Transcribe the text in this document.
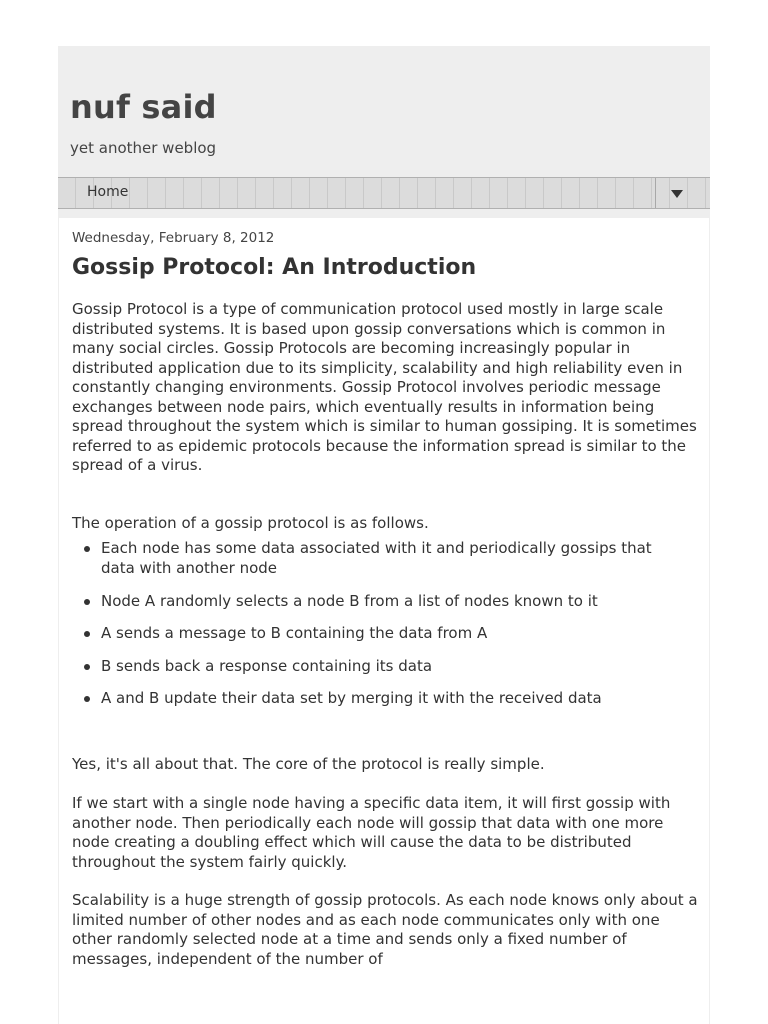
nuf said

yet another weblog

Home

Wednesday, February 8, 2012

Gossip Protocol: An Introduction

Gossip Protocol is a type of communication protocol used mostly in large scale distributed systems. It is based upon gossip conversations which is common in many social circles. Gossip Protocols are becoming increasingly popular in distributed application due to its simplicity, scalability and high reliability even in constantly changing environments. Gossip Protocol involves periodic message exchanges between node pairs, which eventually results in information being spread throughout the system which is similar to human gossiping. It is sometimes referred to as epidemic protocols because the information spread is similar to the spread of a virus.

The operation of a gossip protocol is as follows.

Each node has some data associated with it and periodically gossips that data with another node
Node A randomly selects a node B from a list of nodes known to it
A sends a message to B containing the data from A
B sends back a response containing its data
A and B update their data set by merging it with the received data

Yes, it's all about that. The core of the protocol is really simple.

If we start with a single node having a specific data item, it will first gossip with another node. Then periodically each node will gossip that data with one more node creating a doubling effect which will cause the data to be distributed throughout the system fairly quickly.

Scalability is a huge strength of gossip protocols. As each node knows only about a limited number of other nodes and as each node communicates only with one other randomly selected node at a time and sends only a fixed number of messages, independent of the number of
